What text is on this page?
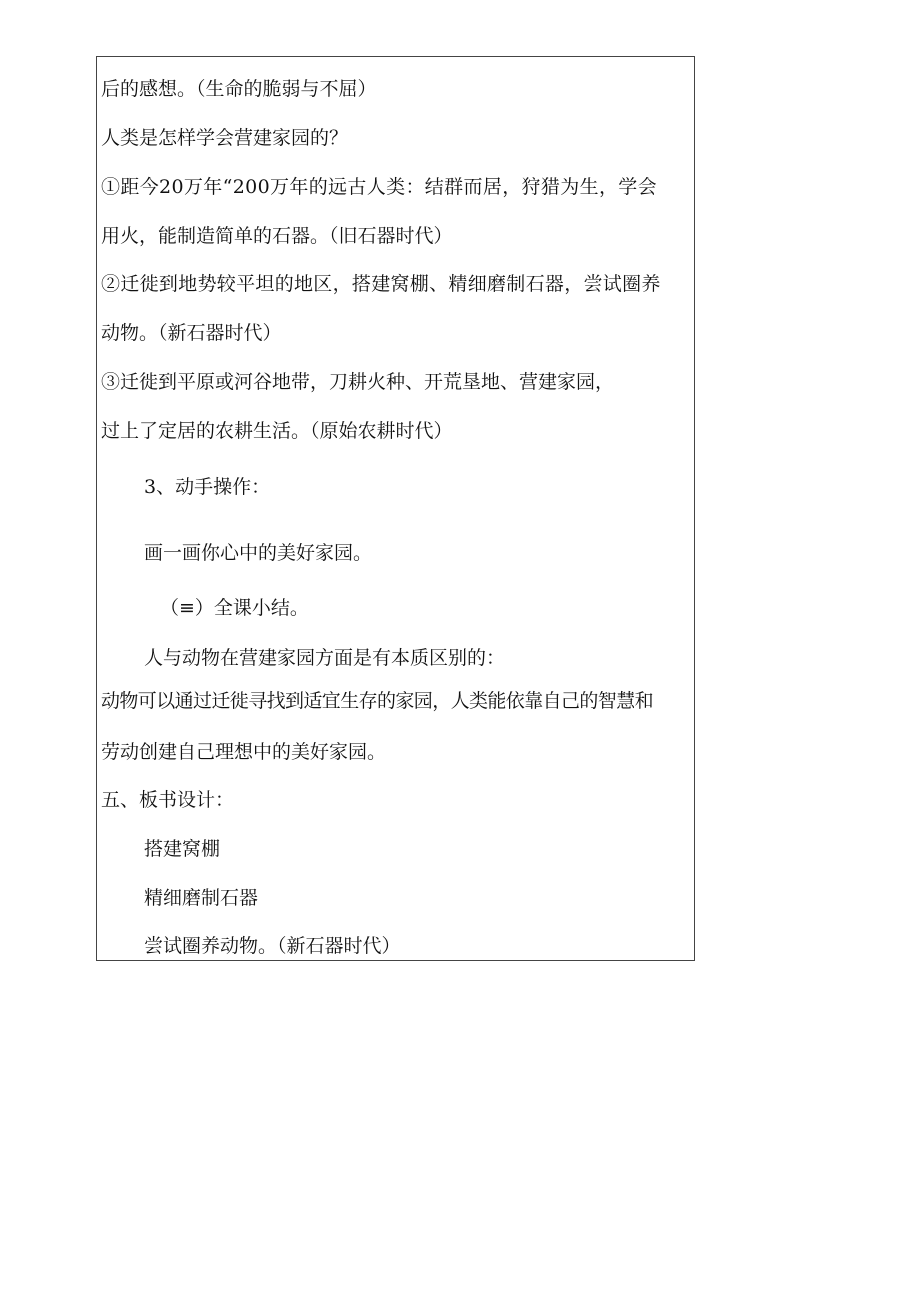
后的感想。（生命的脆弱与不屈）
人类是怎样学会营建家园的？
①距今20万年“200万年的远古人类：结群而居，狩猎为生，学会
用火，能制造简单的石器。（旧石器时代）
②迁徙到地势较平坦的地区，搭建窝棚、精细磨制石器，尝试圈养
动物。（新石器时代）
③迁徙到平原或河谷地带，刀耕火种、开荒垦地、营建家园，
过上了定居的农耕生活。（原始农耕时代）
3、动手操作：
画一画你心中的美好家园。
（≡）全课小结。
人与动物在营建家园方面是有本质区别的：
动物可以通过迁徙寻找到适宜生存的家园，人类能依靠自己的智慧和
劳动创建自己理想中的美好家园。
五、板书设计：
搭建窝棚
精细磨制石器
尝试圈养动物。（新石器时代）
